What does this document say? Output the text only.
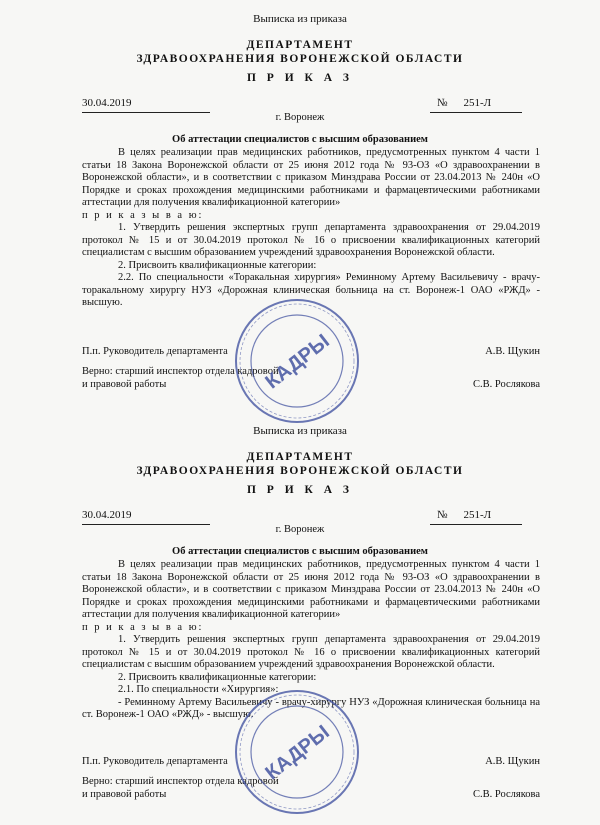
Выписка из приказа
ДЕПАРТАМЕНТ
ЗДРАВООХРАНЕНИЯ ВОРОНЕЖСКОЙ ОБЛАСТИ
П Р И К А З
30.04.2019	№ 251-Л
г. Воронеж
Об аттестации специалистов с высшим образованием

В целях реализации прав медицинских работников, предусмотренных пунктом 4 части 1 статьи 18 Закона Воронежской области от 25 июня 2012 года № 93-ОЗ «О здравоохранении в Воронежской области», и в соответствии с приказом Минздрава России от 23.04.2013 № 240н «О Порядке и сроках прохождения медицинскими работниками и фармацевтическими работниками аттестации для получения квалификационной категории»

п р и к а з ы в а ю:

1. Утвердить решения экспертных групп департамента здравоохранения от 29.04.2019 протокол № 15 и от 30.04.2019 протокол № 16 о присвоении квалификационных категорий специалистам с высшим образованием учреждений здравоохранения Воронежской области.

2. Присвоить квалификационные категории:

2.2. По специальности «Торакальная хирургия» Реминному Артему Васильевичу - врачу-торакальному хирургу НУЗ «Дорожная клиническая больница на ст. Воронеж-1 ОАО «РЖД» - высшую.

П.п. Руководитель департамента	А.В. Щукин
Верно: старший инспектор отдела кадровой
и правовой работы	С.В. Рослякова
КАДРЫ
Выписка из приказа
ДЕПАРТАМЕНТ
ЗДРАВООХРАНЕНИЯ ВОРОНЕЖСКОЙ ОБЛАСТИ
П Р И К А З
30.04.2019	№ 251-Л
г. Воронеж
Об аттестации специалистов с высшим образованием

В целях реализации прав медицинских работников, предусмотренных пунктом 4 части 1 статьи 18 Закона Воронежской области от 25 июня 2012 года № 93-ОЗ «О здравоохранении в Воронежской области», и в соответствии с приказом Минздрава России от 23.04.2013 № 240н «О Порядке и сроках прохождения медицинскими работниками и фармацевтическими работниками аттестации для получения квалификационной категории»

п р и к а з ы в а ю:

1. Утвердить решения экспертных групп департамента здравоохранения от 29.04.2019 протокол № 15 и от 30.04.2019 протокол № 16 о присвоении квалификационных категорий специалистам с высшим образованием учреждений здравоохранения Воронежской области.

2. Присвоить квалификационные категории:

2.1. По специальности «Хирургия»:

- Реминному Артему Васильевичу - врачу-хирургу НУЗ «Дорожная клиническая больница на ст. Воронеж-1 ОАО «РЖД» - высшую.

П.п. Руководитель департамента	А.В. Щукин
Верно: старший инспектор отдела кадровой
и правовой работы	С.В. Рослякова
КАДРЫ
